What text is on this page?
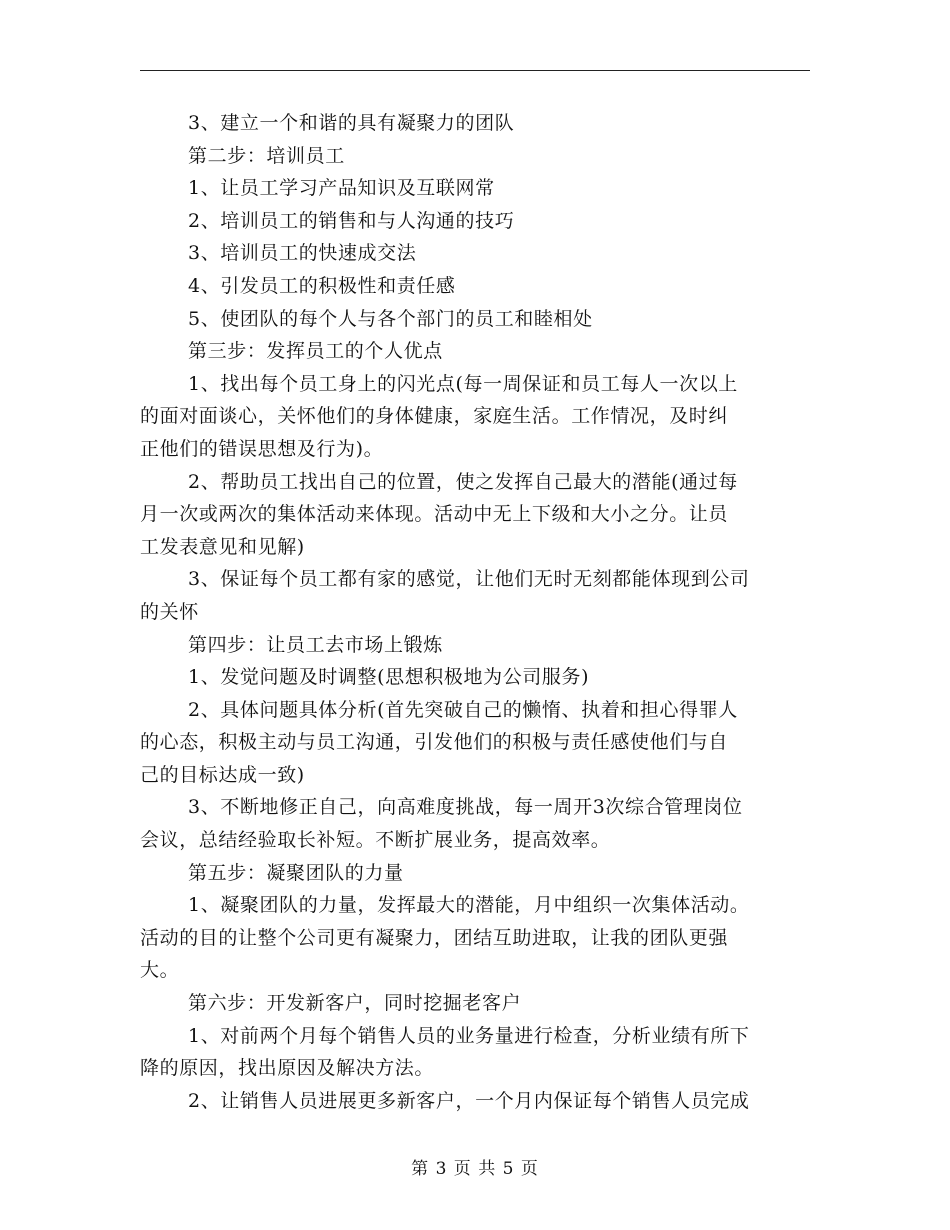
3、建立一个和谐的具有凝聚力的团队
第二步：培训员工
1、让员工学习产品知识及互联网常
2、培训员工的销售和与人沟通的技巧
3、培训员工的快速成交法
4、引发员工的积极性和责任感
5、使团队的每个人与各个部门的员工和睦相处
第三步：发挥员工的个人优点
1、找出每个员工身上的闪光点(每一周保证和员工每人一次以上
的面对面谈心，关怀他们的身体健康，家庭生活。工作情况，及时纠
正他们的错误思想及行为)。
2、帮助员工找出自己的位置，使之发挥自己最大的潜能(通过每
月一次或两次的集体活动来体现。活动中无上下级和大小之分。让员
工发表意见和见解)
3、保证每个员工都有家的感觉，让他们无时无刻都能体现到公司
的关怀
第四步：让员工去市场上锻炼
1、发觉问题及时调整(思想积极地为公司服务)
2、具体问题具体分析(首先突破自己的懒惰、执着和担心得罪人
的心态，积极主动与员工沟通，引发他们的积极与责任感使他们与自
己的目标达成一致)
3、不断地修正自己，向高难度挑战，每一周开3次综合管理岗位
会议，总结经验取长补短。不断扩展业务，提高效率。
第五步：凝聚团队的力量
1、凝聚团队的力量，发挥最大的潜能，月中组织一次集体活动。
活动的目的让整个公司更有凝聚力，团结互助进取，让我的团队更强
大。
第六步：开发新客户，同时挖掘老客户
1、对前两个月每个销售人员的业务量进行检查，分析业绩有所下
降的原因，找出原因及解决方法。
2、让销售人员进展更多新客户，一个月内保证每个销售人员完成
第 3 页 共 5 页
